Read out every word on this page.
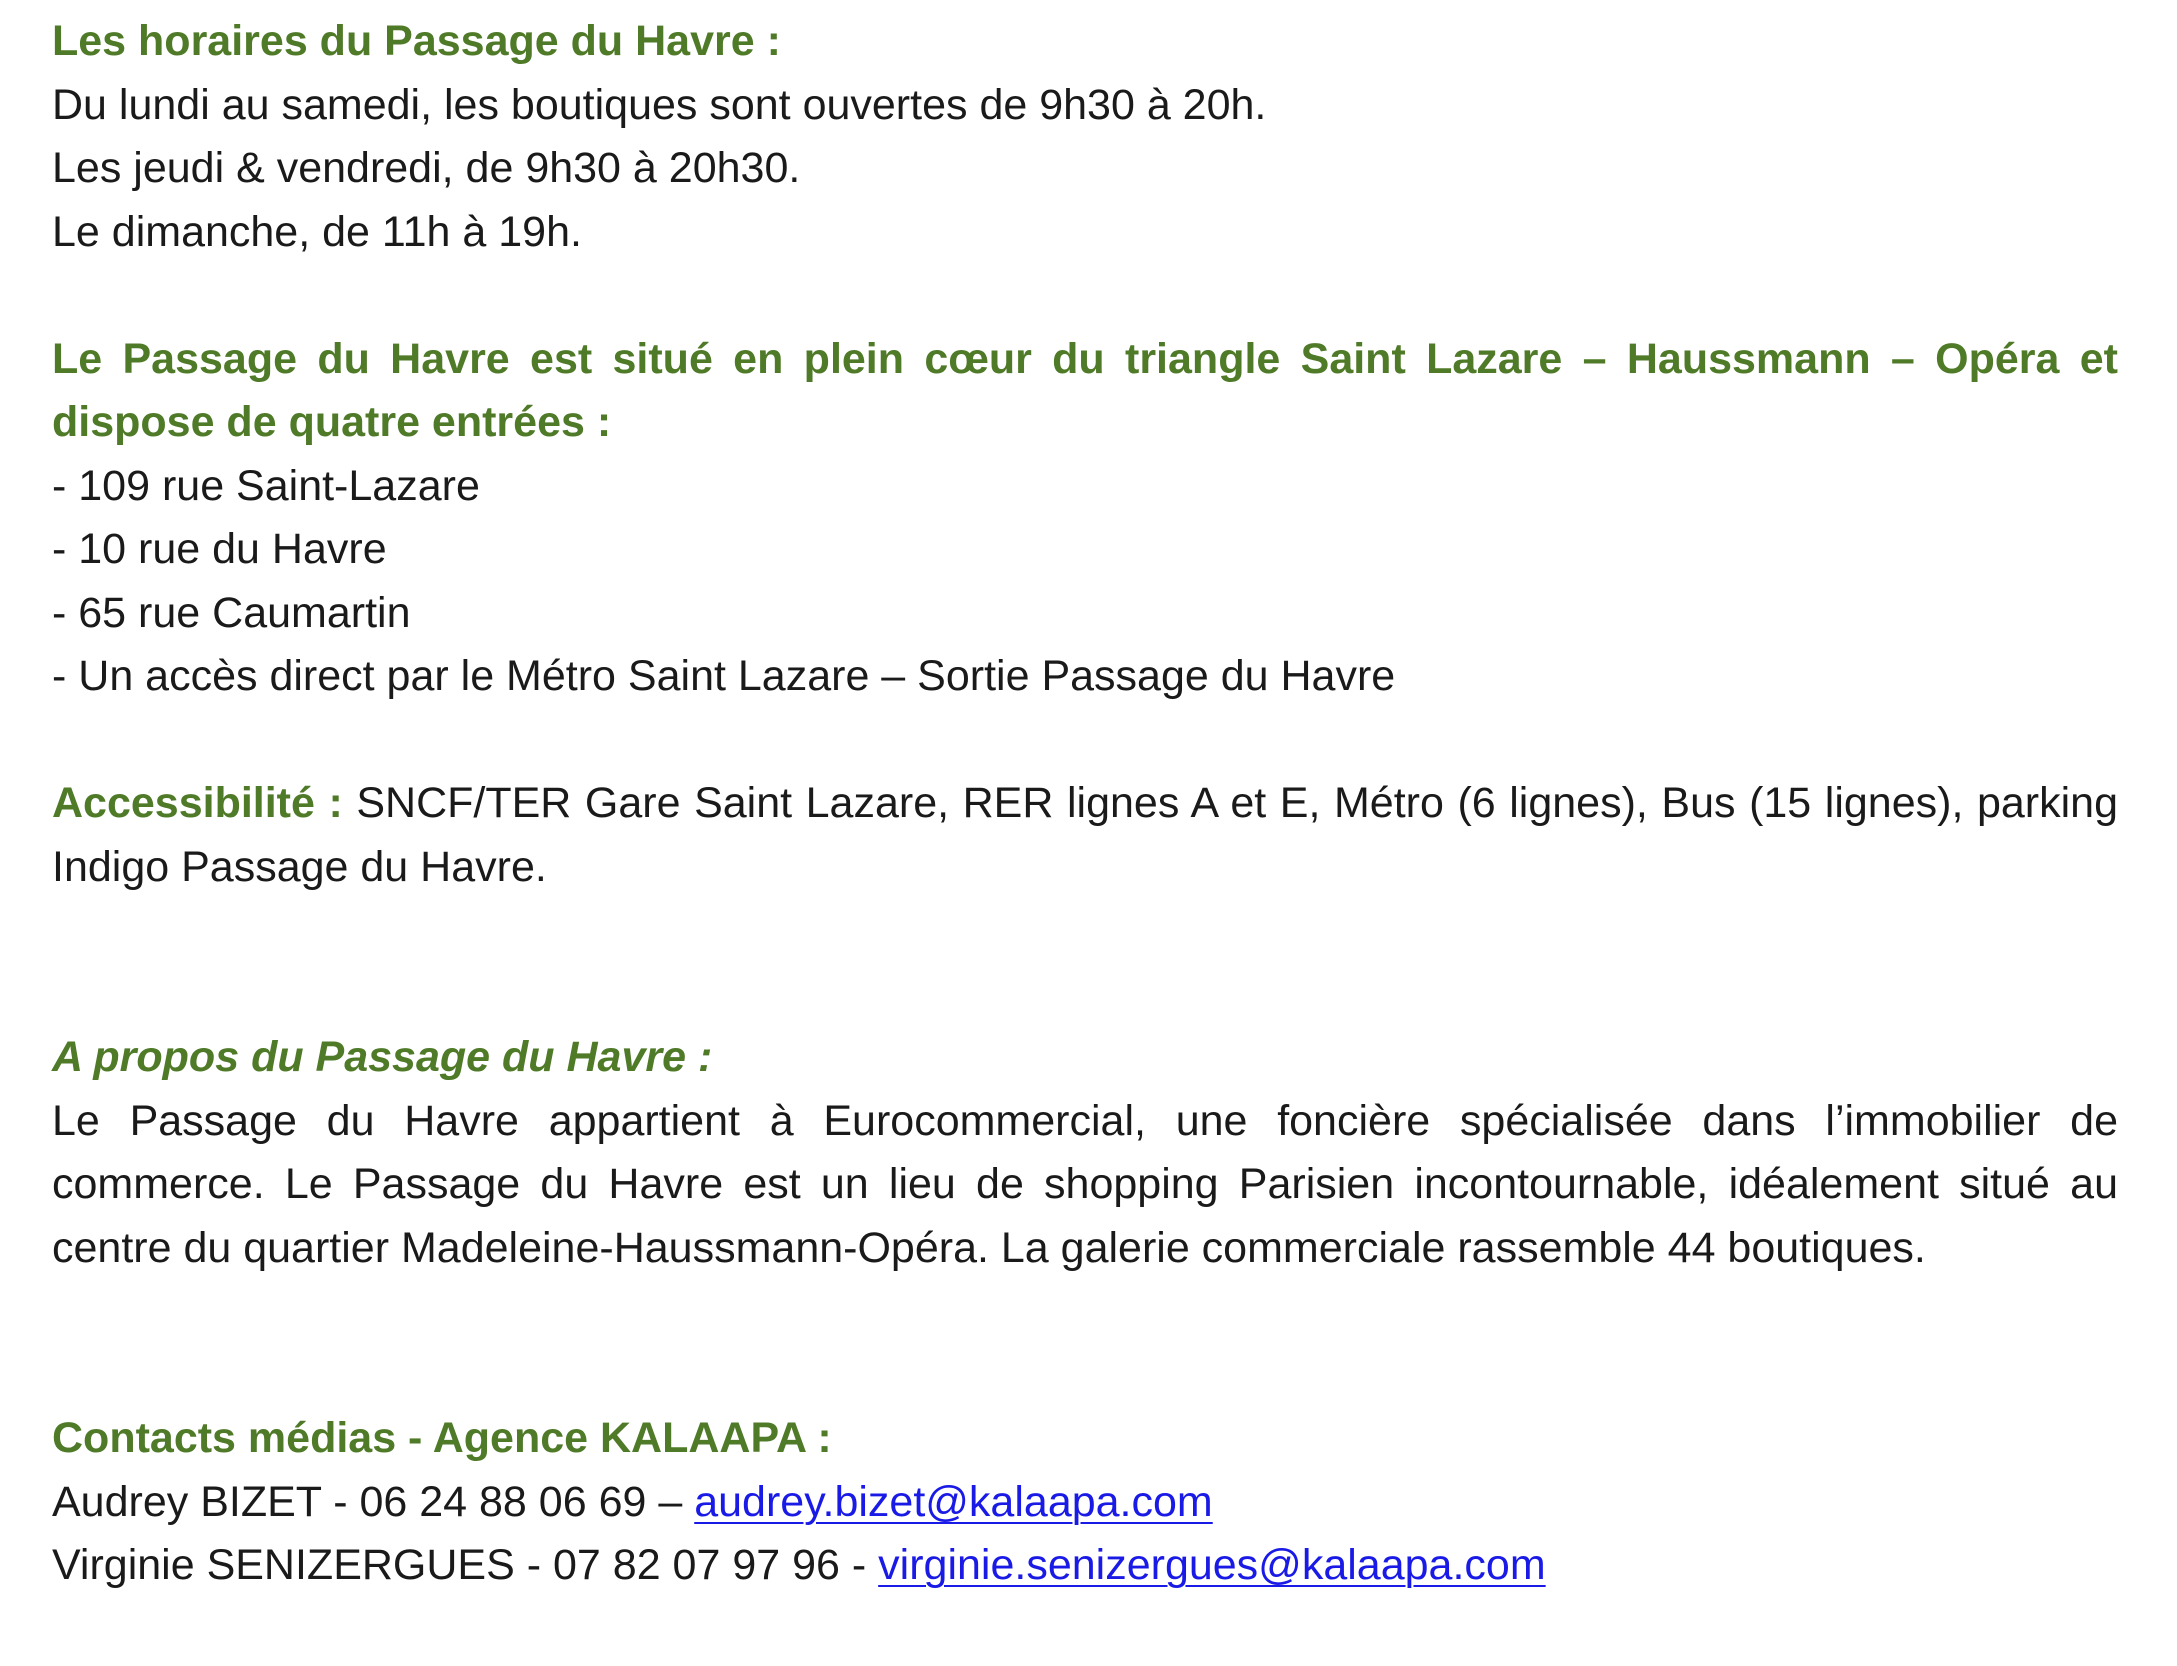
Les horaires du Passage du Havre :

Du lundi au samedi, les boutiques sont ouvertes de 9h30 à 20h.

Les jeudi & vendredi, de 9h30 à 20h30.

Le dimanche, de 11h à 19h.

Le Passage du Havre est situé en plein cœur du triangle Saint Lazare – Haussmann – Opéra et dispose de quatre entrées :

- 109 rue Saint-Lazare

- 10 rue du Havre

- 65 rue Caumartin

- Un accès direct par le Métro Saint Lazare – Sortie Passage du Havre

Accessibilité : SNCF/TER Gare Saint Lazare, RER lignes A et E, Métro (6 lignes), Bus (15 lignes), parking Indigo Passage du Havre.

A propos du Passage du Havre :

Le Passage du Havre appartient à Eurocommercial, une foncière spécialisée dans l’immobilier de commerce. Le Passage du Havre est un lieu de shopping Parisien incontournable, idéalement situé au centre du quartier Madeleine-Haussmann-Opéra. La galerie commerciale rassemble 44 boutiques.

Contacts médias - Agence KALAAPA :

Audrey BIZET - 06 24 88 06 69 – audrey.bizet@kalaapa.com

Virginie SENIZERGUES - 07 82 07 97 96 - virginie.senizergues@kalaapa.com
